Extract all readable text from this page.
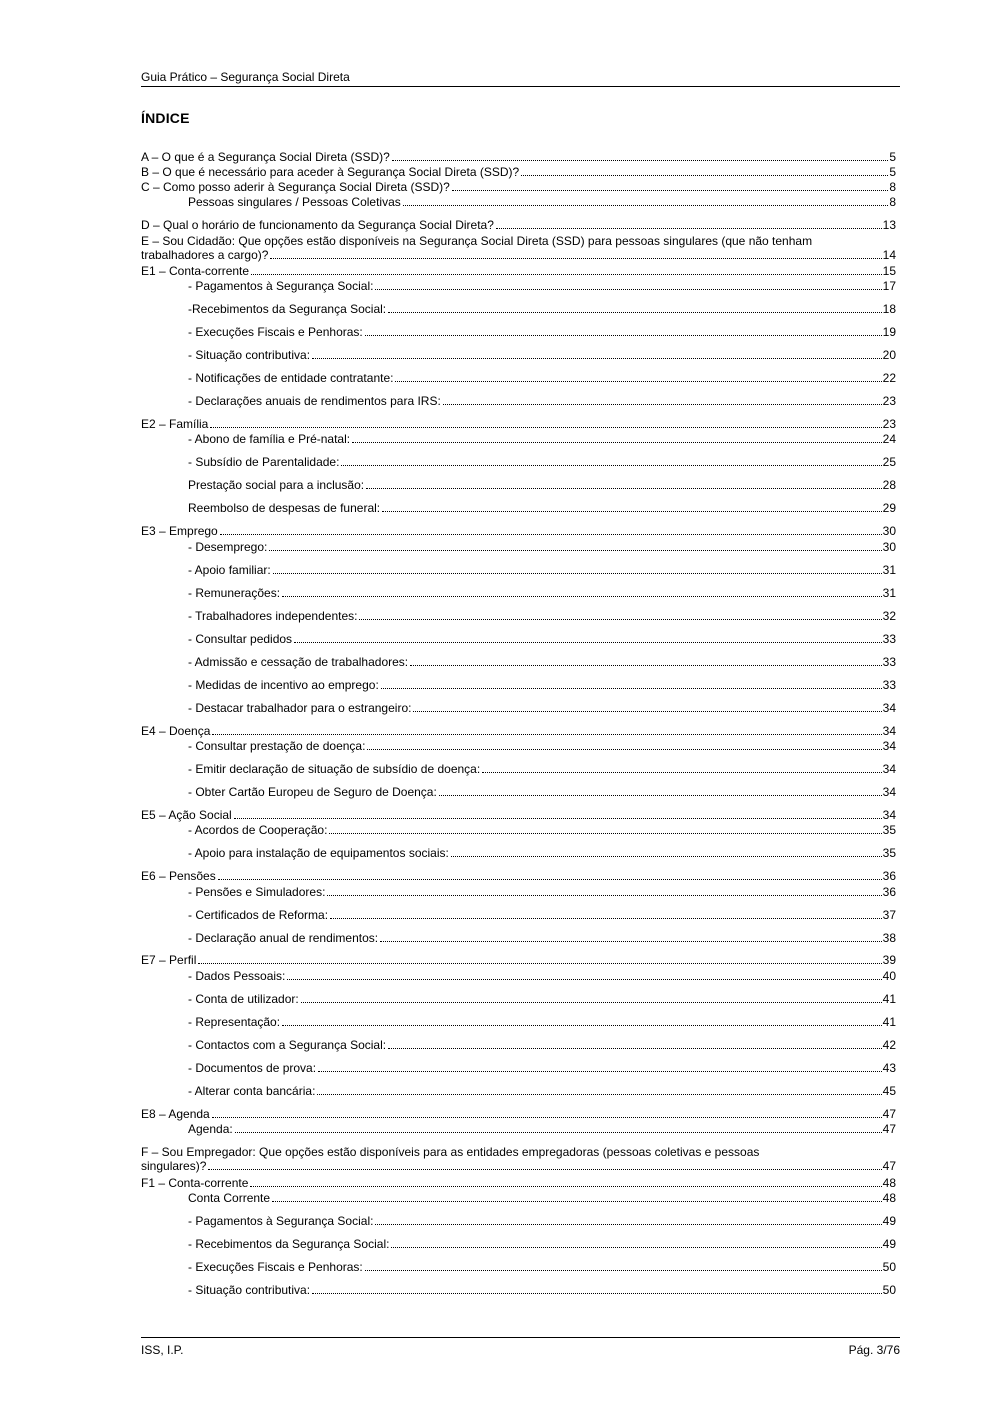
Guia Prático – Segurança Social Direta
ÍNDICE
A – O que é a Segurança Social Direta (SSD)?	5
B – O que é necessário para aceder à Segurança Social Direta (SSD)?	5
C – Como posso aderir à Segurança Social Direta (SSD)?	8
Pessoas singulares / Pessoas Coletivas	8
D – Qual o horário de funcionamento da Segurança Social Direta?	13
E – Sou Cidadão: Que opções estão disponíveis na Segurança Social Direta (SSD) para pessoas singulares (que não tenham
trabalhadores a cargo)?	14
E1 – Conta-corrente	15
- Pagamentos à Segurança Social:	17
-Recebimentos da Segurança Social:	18
- Execuções Fiscais e Penhoras:	19
- Situação contributiva:	20
- Notificações de entidade contratante:	22
- Declarações anuais de rendimentos para IRS:	23
E2 – Família	23
- Abono de família e Pré-natal:	24
- Subsídio de Parentalidade:	25
Prestação social para a inclusão:	28
Reembolso de despesas de funeral:	29
E3 – Emprego	30
- Desemprego:	30
- Apoio familiar:	31
- Remunerações:	31
- Trabalhadores independentes:	32
- Consultar pedidos	33
- Admissão e cessação de trabalhadores:	33
- Medidas de incentivo ao emprego:	33
- Destacar trabalhador para o estrangeiro:	34
E4 – Doença	34
- Consultar prestação de doença:	34
- Emitir declaração de situação de subsídio de doença:	34
- Obter Cartão Europeu de Seguro de Doença:	34
E5 – Ação Social	34
- Acordos de Cooperação:	35
- Apoio para instalação de equipamentos sociais:	35
E6 – Pensões	36
- Pensões e Simuladores:	36
- Certificados de Reforma:	37
- Declaração anual de rendimentos:	38
E7 – Perfil	39
- Dados Pessoais:	40
- Conta de utilizador:	41
- Representação:	41
- Contactos com a Segurança Social:	42
- Documentos de prova:	43
- Alterar conta bancária:	45
E8 – Agenda	47
Agenda:	47
F – Sou Empregador: Que opções estão disponíveis para as entidades empregadoras (pessoas coletivas e pessoas
singulares)?	47
F1 – Conta-corrente	48
Conta Corrente	48
- Pagamentos à Segurança Social:	49
- Recebimentos da Segurança Social:	49
- Execuções Fiscais e Penhoras:	50
- Situação contributiva:	50
ISS, I.P.	Pág. 3/76
